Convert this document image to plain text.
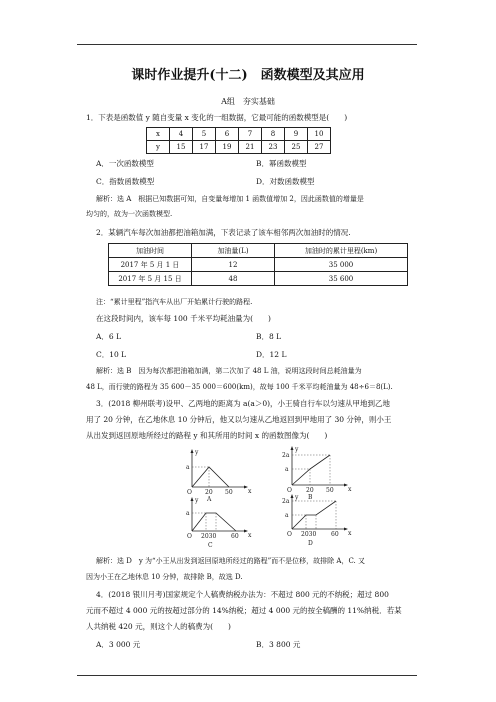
课时作业提升(十二)　函数模型及其应用
A组　夯实基础
1．下表是函数值 y 随自变量 x 变化的一组数据，它最可能的函数模型是(　　)
x	4	5	6	7	8	9	10
y	15	17	19	21	23	25	27
A．一次函数模型	B．幂函数模型
C．指数函数模型	D．对数函数模型
解析：选 A　根据已知数据可知，自变量每增加 1 函数值增加 2，因此函数值的增量是
均匀的，故为一次函数模型.
2．某辆汽车每次加油都把油箱加满，下表记录了该车相邻两次加油时的情况.
加油时间	加油量(L)	加油时的累计里程(km)
2017 年 5 月 1 日	12	35 000
2017 年 5 月 15 日	48	35 600
注：“累计里程”指汽车从出厂开始累计行驶的路程.
在这段时间内，该车每 100 千米平均耗油量为(　　)
A．6 L	B．8 L
C．10 L	D．12 L
解析：选 B　因为每次都把油箱加满，第二次加了 48 L 油，说明这段时间总耗油量为
48 L，而行驶的路程为 35 600－35 000＝600(km)，故每 100 千米平均耗油量为 48÷6＝8(L).
3．(2018 柳州联考)设甲、乙两地的距离为 a(a＞0)，小王骑自行车以匀速从甲地到乙地
用了 20 分钟，在乙地休息 10 分钟后，他又以匀速从乙地返回到甲地用了 30 分钟，则小王
从出发到返回原地所经过的路程 y 和其所用的时间 x 的函数图像为(　　)
y
x
a
O 20 50
A
y
x
2a
a
O 20 50
B
y
x
a
O 2030 60
C
y
x
2a
a
O 2030 60
D
解析：选 D　y 为“小王从出发到返回原地所经过的路程”而不是位移，故排除 A，C. 又
因为小王在乙地休息 10 分钟，故排除 B，故选 D.
4．(2018 银川月考)国家规定个人稿费纳税办法为：不超过 800 元的不纳税；超过 800
元而不超过 4 000 元的按超过部分的 14%纳税；超过 4 000 元的按全稿酬的 11%纳税．若某
人共纳税 420 元，则这个人的稿费为(　　)
A．3 000 元	B．3 800 元
